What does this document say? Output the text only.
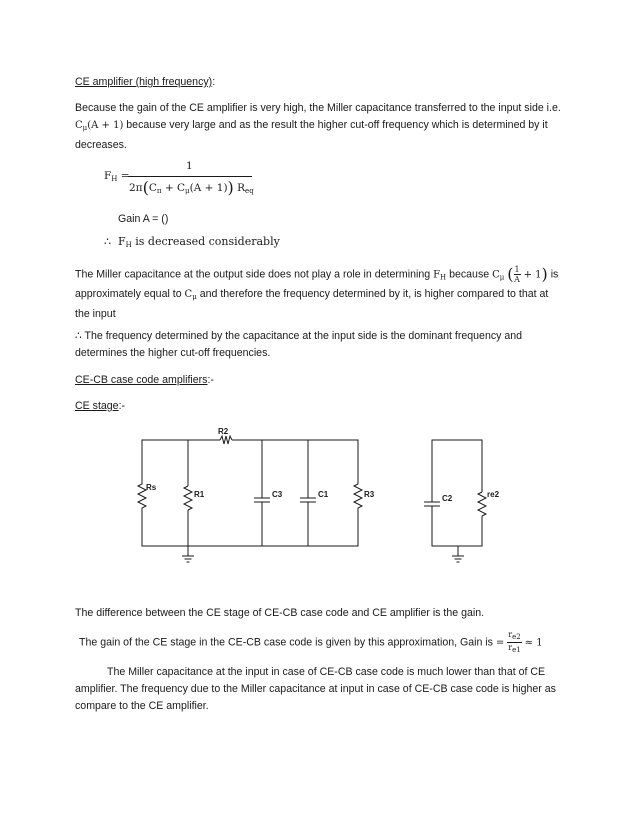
CE amplifier (high frequency):
Because the gain of the CE amplifier is very high, the Miller capacitance transferred to the input side i.e.
Cμ(A + 1) because very large and as the result the higher cut-off frequency which is determined by it
decreases.
FH =
1
2π(Cπ + Cμ(A + 1)) Req
Gain A = ()
∴ FH is decreased considerably
The Miller capacitance at the output side does not play a role in determining FH because Cμ ( $\frac{1}{A} + 1$) is
approximately equal to Cμ and therefore the frequency determined by it, is higher compared to that at
the input
∴ The frequency determined by the capacitance at the input side is the dominant frequency and
determines the higher cut-off frequencies.
CE-CB case code amplifiers:-
CE stage:-
R2
Rs
R1	C3	C1	R3	C2	re2
The difference between the CE stage of CE-CB case code and CE amplifier is the gain.
The gain of the CE stage in the CE-CB case code is given by this approximation, Gain is = $\frac{re2}{re1} \approx 1$
The Miller capacitance at the input in case of CE-CB case code is much lower than that of CE
amplifier. The frequency due to the Miller capacitance at input in case of CE-CB case code is higher as
compare to the CE amplifier.
